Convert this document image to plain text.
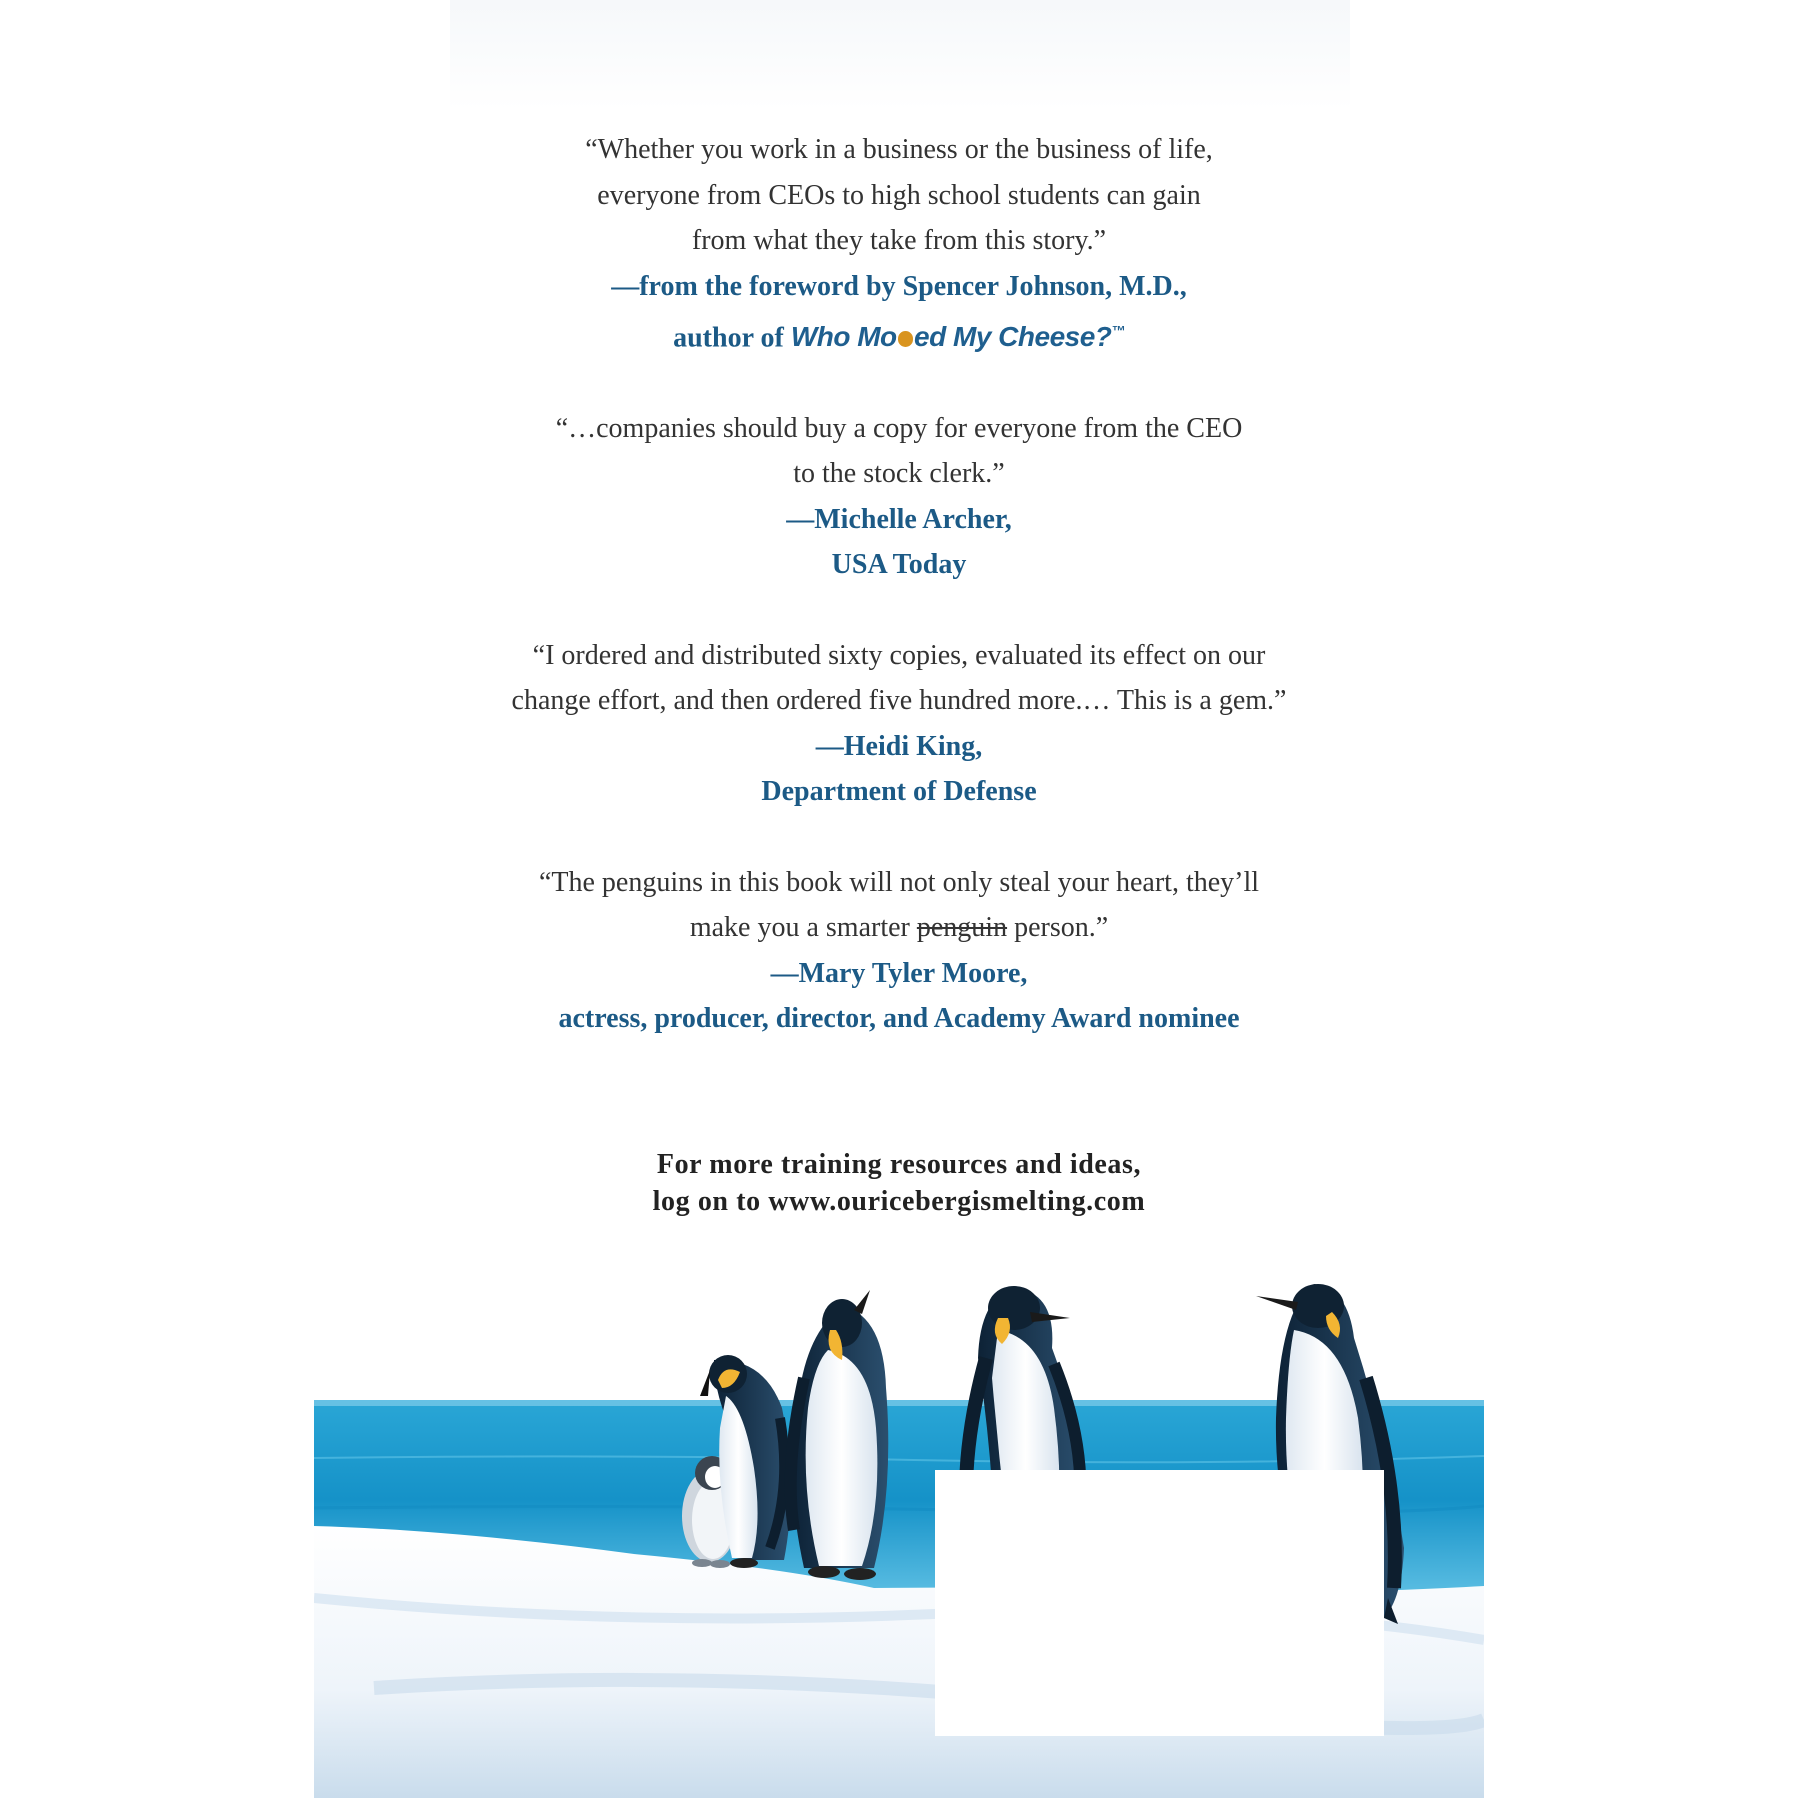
“Whether you work in a business or the business of life,
everyone from CEOs to high school students can gain
from what they take from this story.”
—from the foreword by Spencer Johnson, M.D.,
author of Who Mo ed My Cheese?™
“…companies should buy a copy for everyone from the CEO
to the stock clerk.”
—Michelle Archer,
USA Today
“I ordered and distributed sixty copies, evaluated its effect on our
change effort, and then ordered five hundred more.… This is a gem.”
—Heidi King,
Department of Defense
“The penguins in this book will not only steal your heart, they’ll
make you a smarter penguin person.”
—Mary Tyler Moore,
actress, producer, director, and Academy Award nominee
For more training resources and ideas,
log on to www.ouricebergismelting.com
